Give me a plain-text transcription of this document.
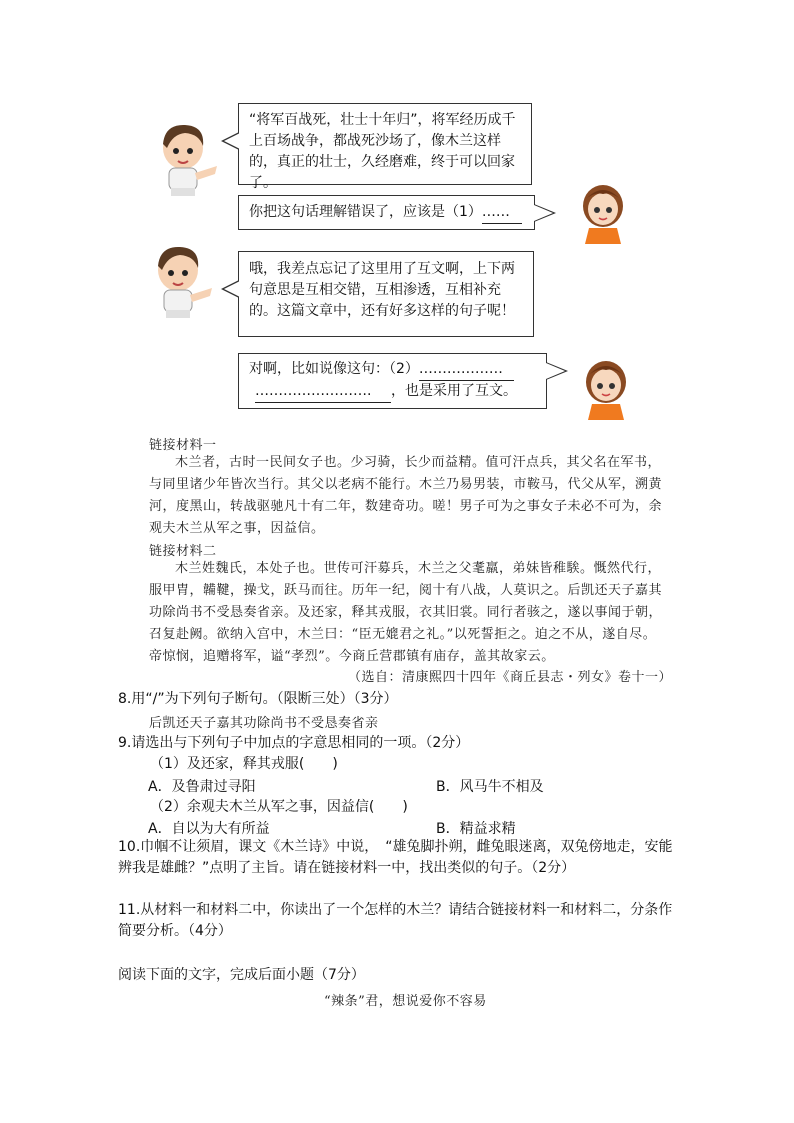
“将军百战死，壮士十年归”，将军经历成千上百场战争，都战死沙场了，像木兰这样的，真正的壮士，久经磨难，终于可以回家了。
你把这句话理解错误了，应该是（1）……
哦，我差点忘记了这里用了互文啊，上下两句意思是互相交错，互相渗透，互相补充的。这篇文章中，还有好多这样的句子呢！
对啊，比如说像这句：（2）………………
……………………. ，也是采用了互文。
链接材料一
木兰者，古时一民间女子也。少习骑，长少而益精。值可汗点兵，其父名在军书，与同里诸少年皆次当行。其父以老病不能行。木兰乃易男装，市鞍马，代父从军，溯黄河，度黑山，转战驱驰凡十有二年，数建奇功。嗟！男子可为之事女子未必不可为，余观夫木兰从军之事，因益信。
链接材料二
木兰姓魏氏，本处子也。世传可汗募兵，木兰之父耄羸，弟妹皆稚騃。慨然代行，服甲胄，韛鞬，操戈，跃马而往。历年一纪，阅十有八战，人莫识之。后凯还天子嘉其功除尚书不受恳奏省亲。及还家，释其戎服，衣其旧裳。同行者骇之，遂以事闻于朝，召复赴阙。欲纳入宫中，木兰曰：“臣无媲君之礼。”以死誓拒之。迫之不从，遂自尽。帝惊悯，追赠将军，谥“孝烈”。今商丘营郡镇有庙存，盖其故家云。
（选自：清康熙四十四年《商丘县志・列女》卷十一）
8.用“/”为下列句子断句。（限断三处）（3分）
后凯还天子嘉其功除尚书不受恳奏省亲
9.请选出与下列句子中加点的字意思相同的一项。（2分）
（1）及还家，释其戎服(　　)
A．及鲁肃过寻阳	B．风马牛不相及
（2）余观夫木兰从军之事，因益信(　　)
A．自以为大有所益	B．精益求精
10.巾帼不让须眉，课文《木兰诗》中说，　“雄兔脚扑朔，雌兔眼迷离，双兔傍地走，安能
辨我是雄雌？”点明了主旨。请在链接材料一中，找出类似的句子。（2分）
11.从材料一和材料二中，你读出了一个怎样的木兰？请结合链接材料一和材料二，分条作
简要分析。（4分）
阅读下面的文字，完成后面小题（7分）
“辣条”君，想说爱你不容易
